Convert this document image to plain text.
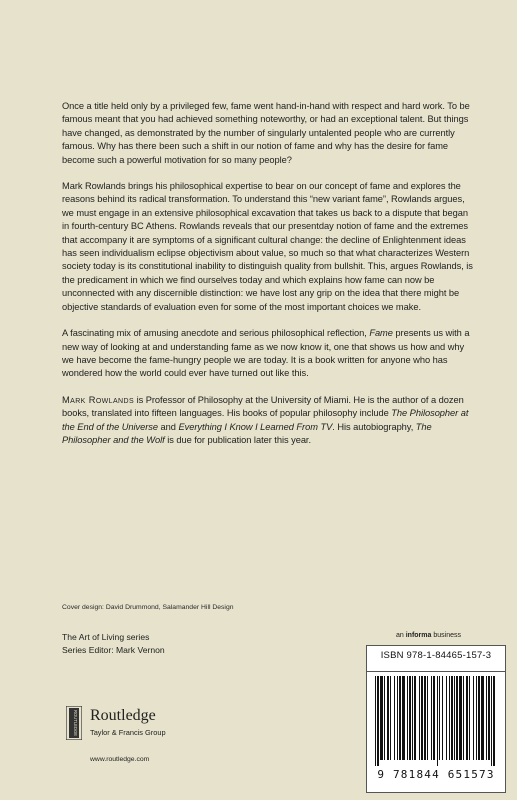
Once a title held only by a privileged few, fame went hand-in-hand with respect and hard work. To be famous meant that you had achieved something noteworthy, or had an exceptional talent. But things have changed, as demonstrated by the number of singularly untalented people who are currently famous. Why has there been such a shift in our notion of fame and why has the desire for fame become such a powerful motivation for so many people?

Mark Rowlands brings his philosophical expertise to bear on our concept of fame and explores the reasons behind its radical transformation. To understand this “new variant fame”, Rowlands argues, we must engage in an extensive philosophical excavation that takes us back to a dispute that began in fourth-century BC Athens. Rowlands reveals that our presentday notion of fame and the extremes that accompany it are symptoms of a significant cultural change: the decline of Enlightenment ideas has seen individualism eclipse objectivism about value, so much so that what characterizes Western society today is its constitutional inability to distinguish quality from bullshit. This, argues Rowlands, is the predicament in which we find ourselves today and which explains how fame can now be unconnected with any discernible distinction: we have lost any grip on the idea that there might be objective standards of evaluation even for some of the most important choices we make.

A fascinating mix of amusing anecdote and serious philosophical reflection, Fame presents us with a new way of looking at and understanding fame as we now know it, one that shows us how and why we have become the fame-hungry people we are today. It is a book written for anyone who has wondered how the world could ever have turned out like this.

Mark Rowlands is Professor of Philosophy at the University of Miami. He is the author of a dozen books, translated into fifteen languages. His books of popular philosophy include The Philosopher at the End of the Universe and Everything I Know I Learned From TV. His autobiography, The Philosopher and the Wolf is due for publication later this year.

Cover design: David Drummond, Salamander Hill Design
The Art of Living series
Series Editor: Mark Vernon
an informa business
ISBN 978-1-84465-157-3
9 781844 651573
ROUTLEDGE Routledge
Taylor & Francis Group
www.routledge.com
